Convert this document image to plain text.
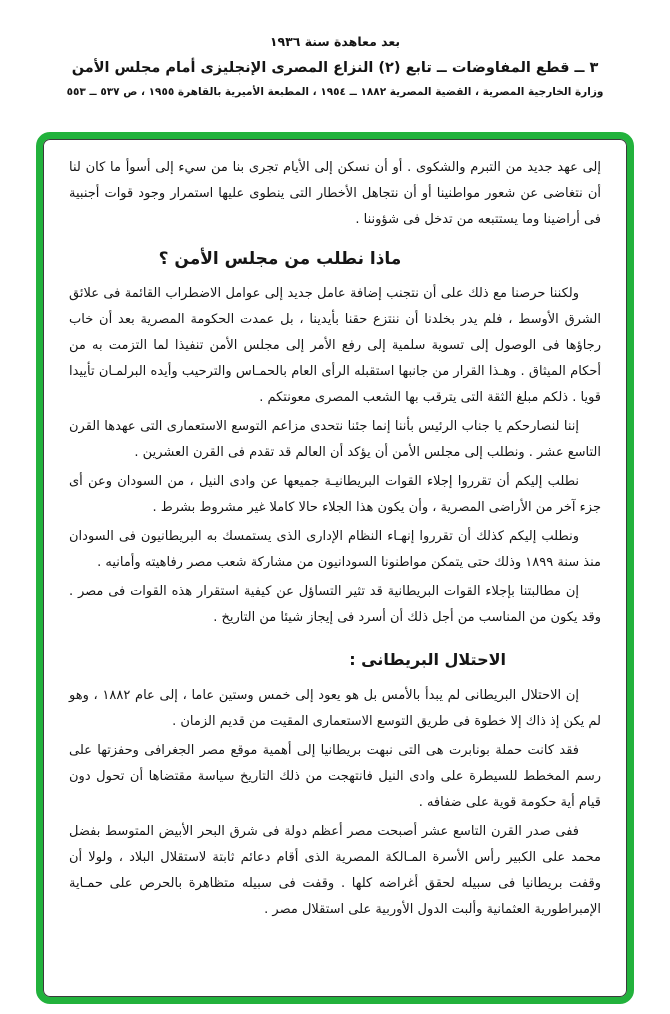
بعد معاهدة سنة ١٩٣٦
٣ ــ قطع المفاوضات ــ تابع (٢) النزاع المصرى الإنجليزى أمام مجلس الأمن
وزارة الخارجية المصرية ، القضية المصرية ١٨٨٢ ــ ١٩٥٤ ، المطبعة الأميرية بالقاهرة ١٩٥٥ ، ص ٥٣٧ ــ ٥٥٣

إلى عهد جديد من التبرم والشكوى . أو أن نسكن إلى الأيام تجرى بنا من سيء إلى أسوأ ما كان لنا أن نتغاضى عن شعور مواطنينا أو أن نتجاهل الأخطار التى ينطوى عليها استمرار وجود قوات أجنبية فى أراضينا وما يستتبعه من تدخل فى شؤوننا .

ماذا نطلب من مجلس الأمن ؟

ولكننا حرصنا مع ذلك على أن نتجنب إضافة عامل جديد إلى عوامل الاضطراب القائمة فى علائق الشرق الأوسط ، فلم يدر بخلدنا أن ننتزع حقنا بأيدينا ، بل عمدت الحكومة المصرية بعد أن خاب رجاؤها فى الوصول إلى تسوية سلمية إلى رفع الأمر إلى مجلس الأمن تنفيذا لما التزمت به من أحكام الميثاق . وهـذا القرار من جانبها استقبله الرأى العام بالحمـاس والترحيب وأيده البرلمـان تأييدا قويا . ذلكم مبلغ الثقة التى يترقب بها الشعب المصرى معونتكم .

إننا لنصارحكم يا جناب الرئيس بأننا إنما جئنا نتحدى مزاعم التوسع الاستعمارى التى عهدها القرن التاسع عشر . ونطلب إلى مجلس الأمن أن يؤكد أن العالم قد تقدم فى القرن العشرين .

نطلب إليكم أن تقرروا إجلاء القوات البريطانيـة جميعها عن وادى النيل ، من السودان وعن أى جزء آخر من الأراضى المصرية ، وأن يكون هذا الجلاء حالا كاملا غير مشروط بشرط .

ونطلب إليكم كذلك أن تقرروا إنهـاء النظام الإدارى الذى يستمسك به البريطانيون فى السودان منذ سنة ١٨٩٩ وذلك حتى يتمكن مواطنونا السودانيون من مشاركة شعب مصر رفاهيته وأمانيه .

إن مطالبتنا بإجلاء القوات البريطانية قد تثير التساؤل عن كيفية استقرار هذه القوات فى مصر . وقد يكون من المناسب من أجل ذلك أن أسرد فى إيجاز شيئا من التاريخ .

الاحتلال البريطانى :

إن الاحتلال البريطانى لم يبدأ بالأمس بل هو يعود إلى خمس وستين عاما ، إلى عام ١٨٨٢ ، وهو لم يكن إذ ذاك إلا خطوة فى طريق التوسع الاستعمارى المقيت من قديم الزمان .

فقد كانت حملة بونابرت هى التى نبهت بريطانيا إلى أهمية موقع مصر الجغرافى وحفزتها على رسم المخطط للسيطرة على وادى النيل فانتهجت من ذلك التاريخ سياسة مقتضاها أن تحول دون قيام أية حكومة قوية على ضفافه .

ففى صدر القرن التاسع عشر أصبحت مصر أعظم دولة فى شرق البحر الأبيض المتوسط بفضل محمد على الكبير رأس الأسرة المـالكة المصرية الذى أقام دعائم ثابتة لاستقلال البلاد ، ولولا أن وقفت بريطانيا فى سبيله لحقق أغراضه كلها . وقفت فى سبيله متظاهرة بالحرص على حمـاية الإمبراطورية العثمانية وألبت الدول الأوربية على استقلال مصر .
